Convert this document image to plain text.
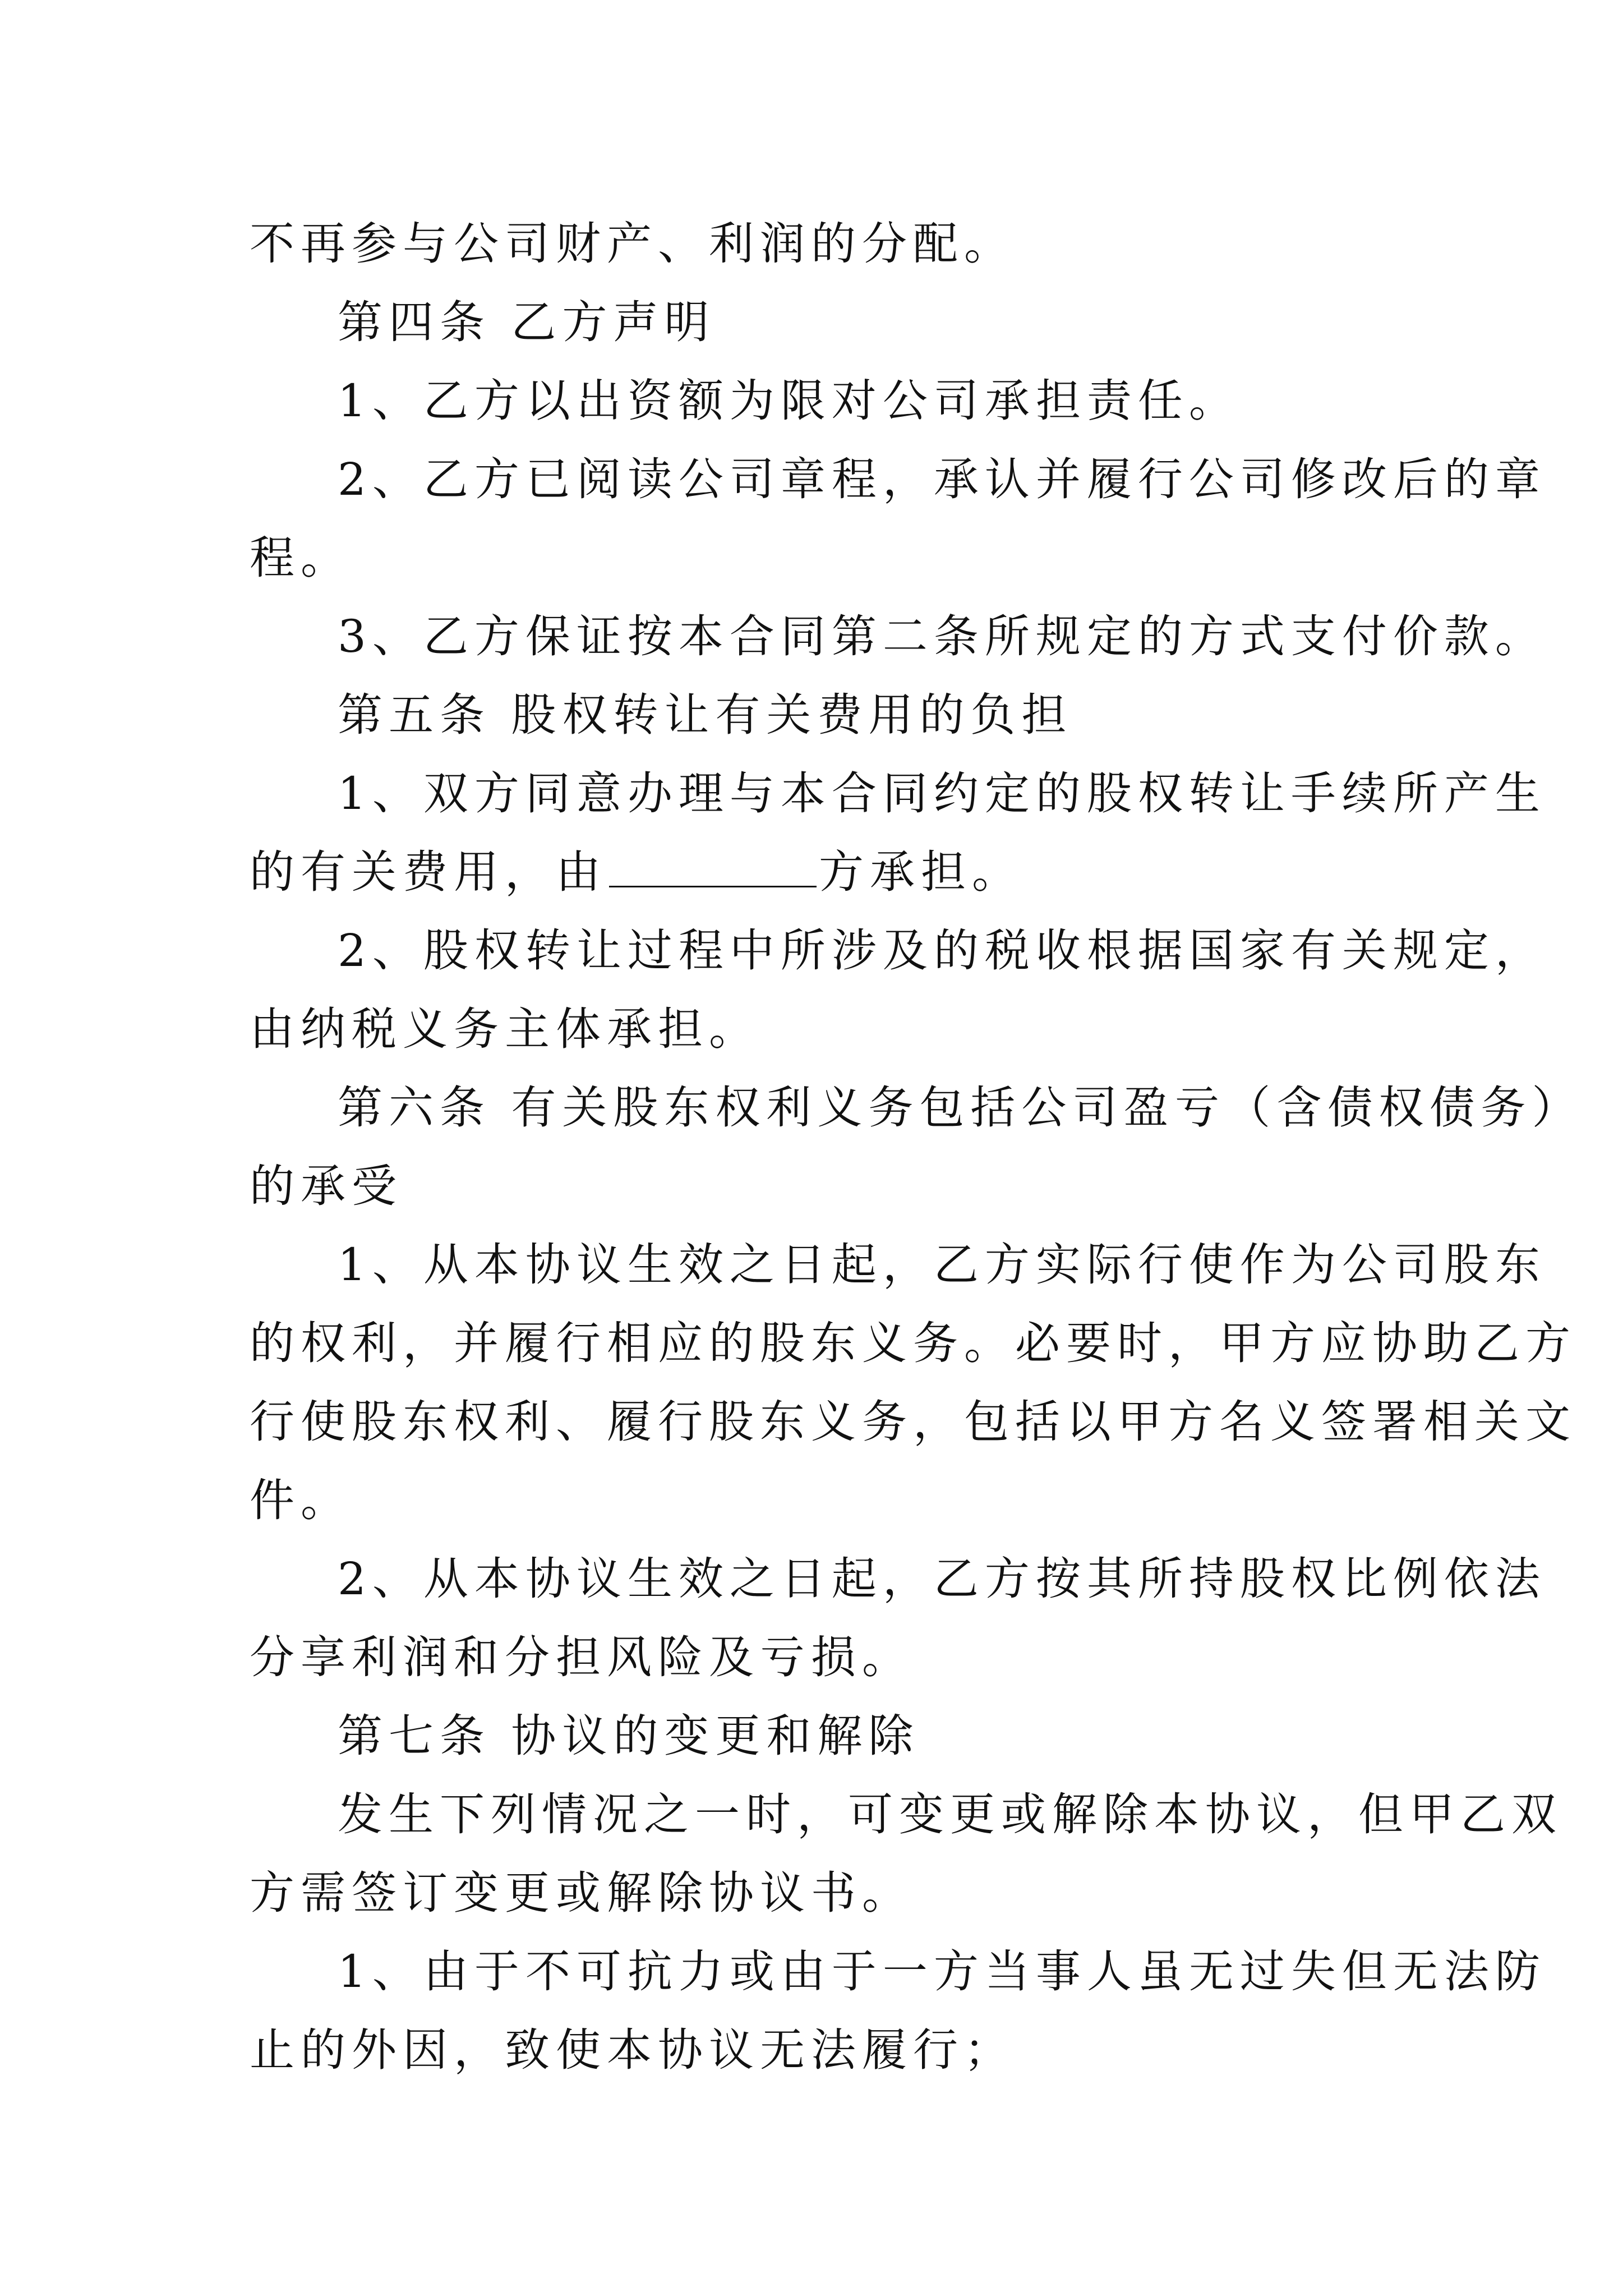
不再参与公司财产、利润的分配。
第四条 乙方声明
1、乙方以出资额为限对公司承担责任。
2、乙方已阅读公司章程，承认并履行公司修改后的章
程。
3、乙方保证按本合同第二条所规定的方式支付价款。
第五条 股权转让有关费用的负担
1、双方同意办理与本合同约定的股权转让手续所产生
的有关费用，由	方承担。
2、股权转让过程中所涉及的税收根据国家有关规定，
由纳税义务主体承担。
第六条 有关股东权利义务包括公司盈亏（含债权债务）
的承受
1、从本协议生效之日起，乙方实际行使作为公司股东
的权利，并履行相应的股东义务。必要时，甲方应协助乙方
行使股东权利、履行股东义务，包括以甲方名义签署相关文
件。
2、从本协议生效之日起，乙方按其所持股权比例依法
分享利润和分担风险及亏损。
第七条 协议的变更和解除
发生下列情况之一时，可变更或解除本协议，但甲乙双
方需签订变更或解除协议书。
1、由于不可抗力或由于一方当事人虽无过失但无法防
止的外因，致使本协议无法履行；
